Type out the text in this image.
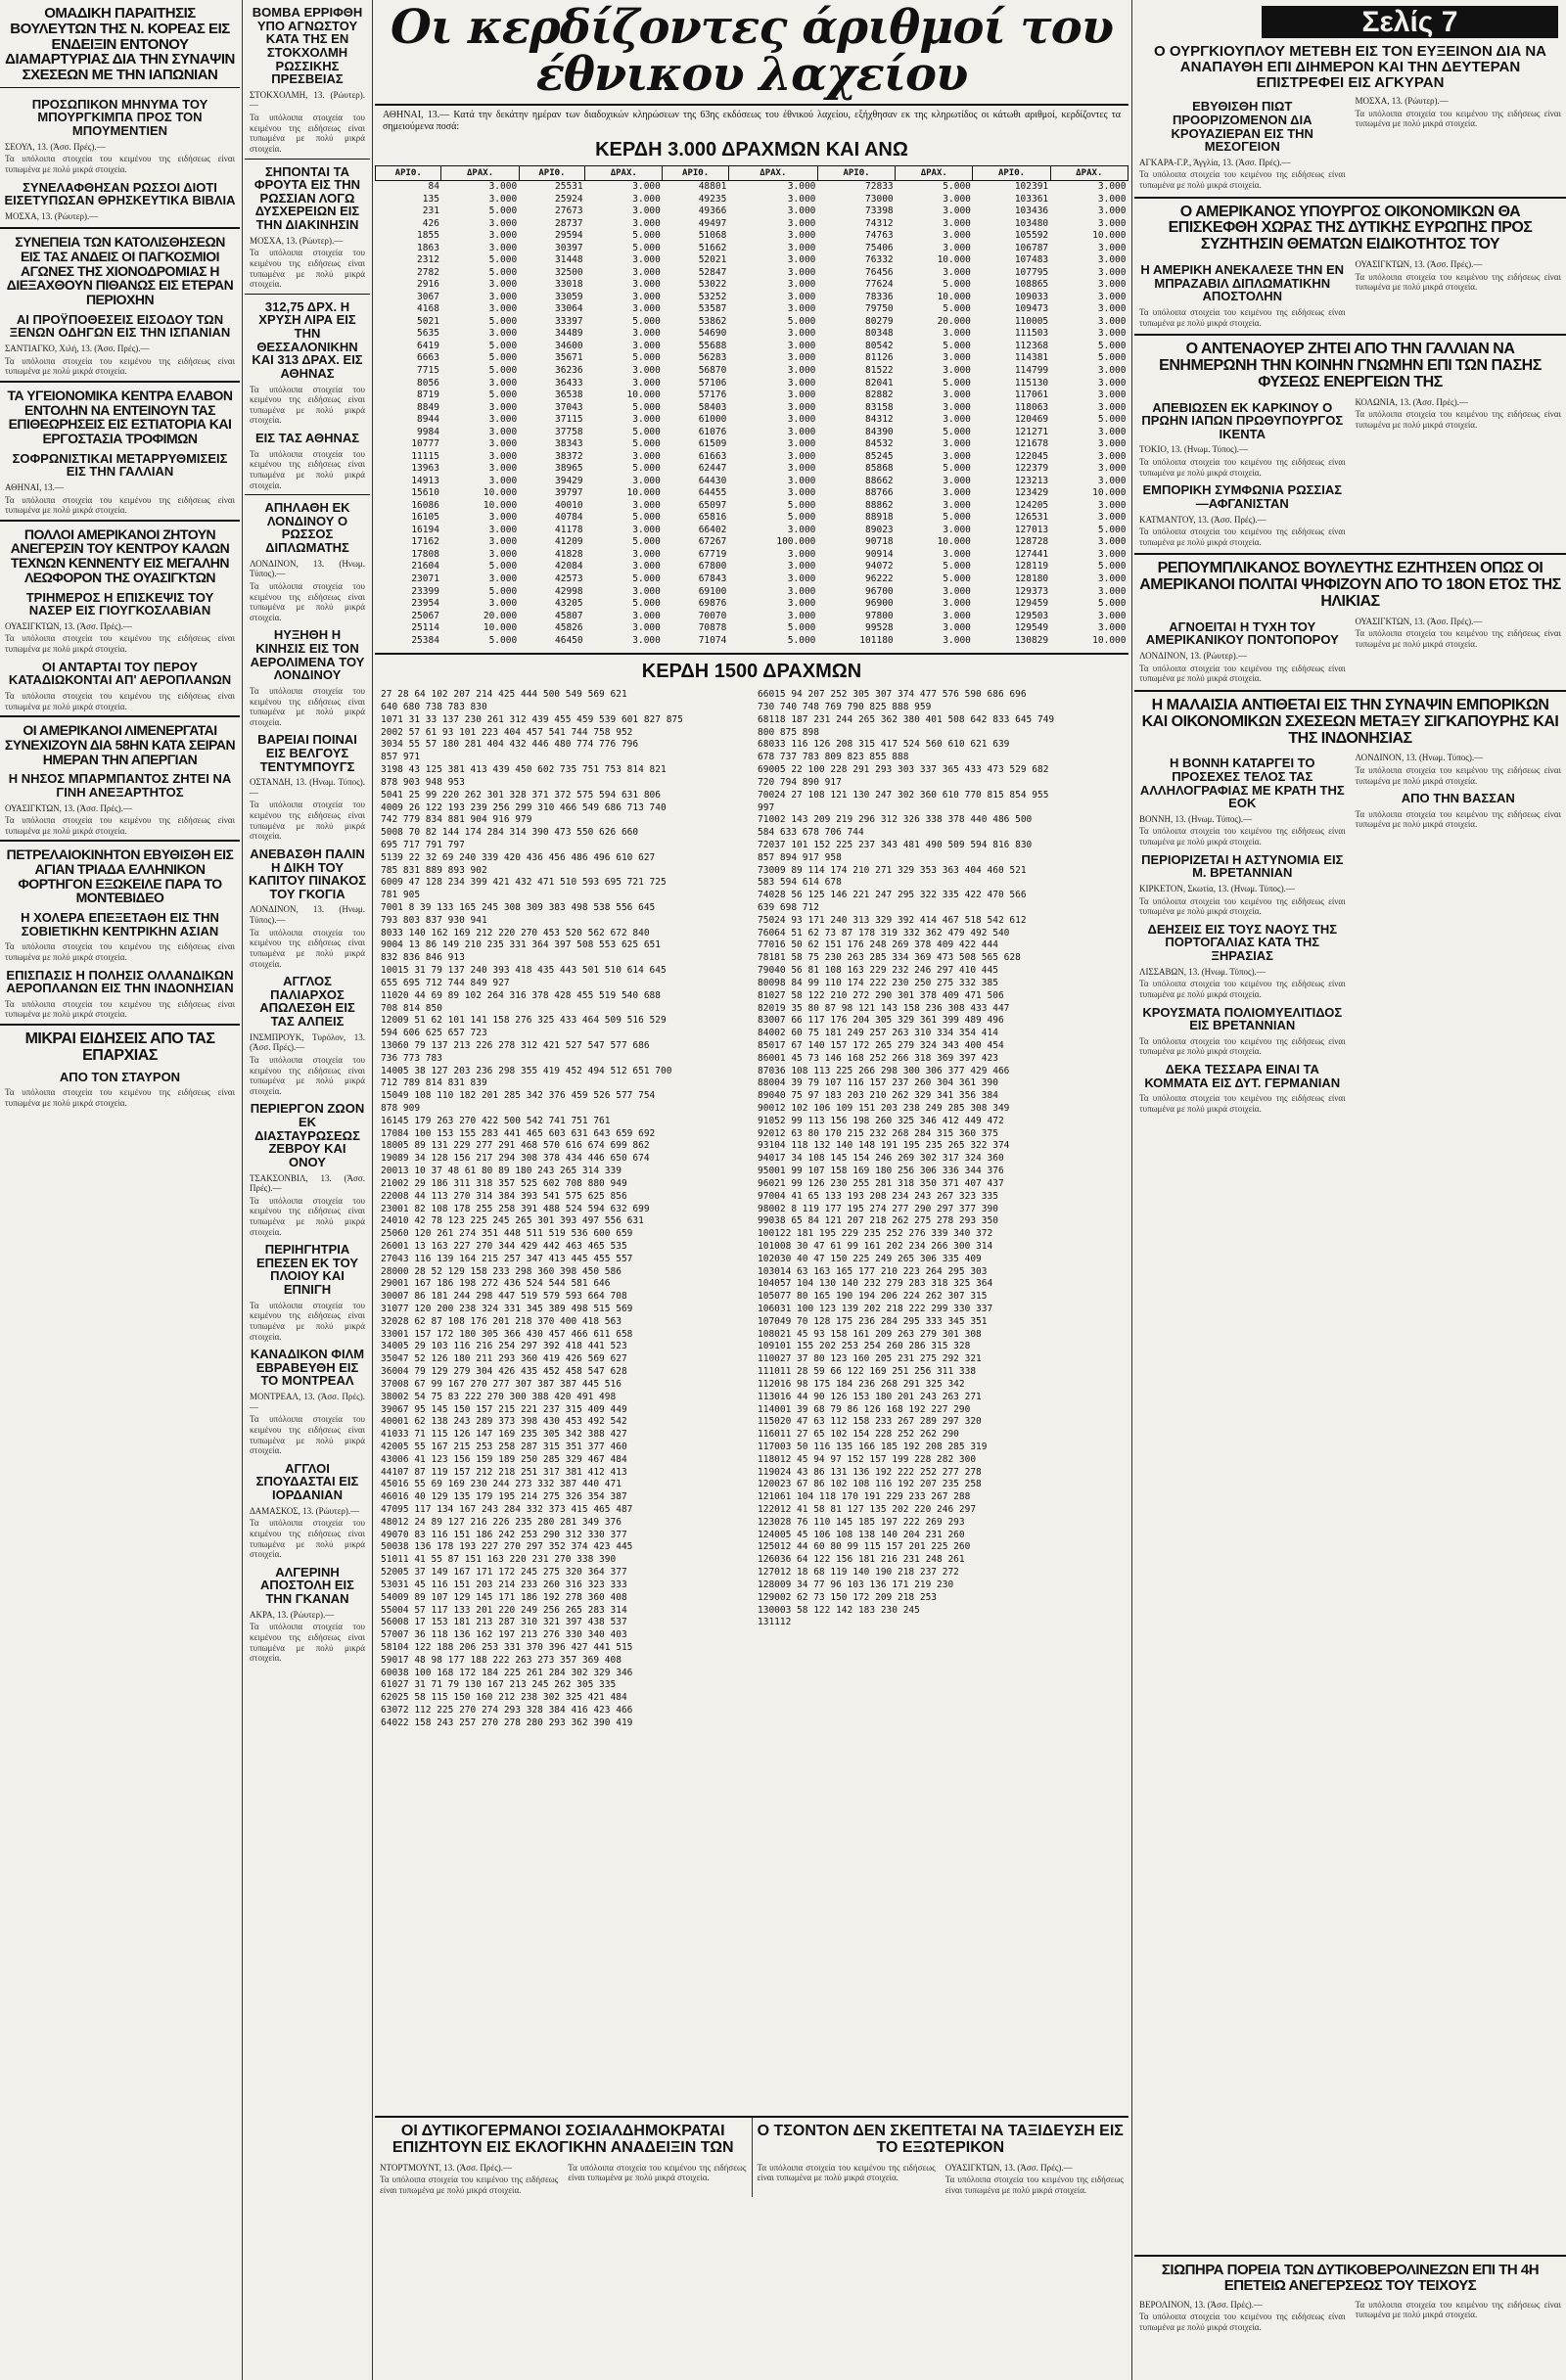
ΟΜΑΔΙΚΗ ΠΑΡΑΙΤΗΣΙΣ ΒΟΥΛΕΥΤΩΝ ΤΗΣ Ν. ΚΟΡΕΑΣ ΕΙΣ ΕΝΔΕΙΞΙΝ ΕΝΤΟΝΟΥ ΔΙΑΜΑΡΤΥΡΙΑΣ ΔΙΑ ΤΗΝ ΣΥΝΑΨΙΝ ΣΧΕΣΕΩΝ ΜΕ ΤΗΝ ΙΑΠΩΝΙΑΝ
ΠΡΟΣΩΠΙΚΟΝ ΜΗΝΥΜΑ ΤΟΥ ΜΠΟΥΡΓΚΙΜΠΑ ΠΡΟΣ ΤΟΝ ΜΠΟΥΜΕΝΤΙΕΝ
ΣΕΟΥΛ, 13. (Άσσ. Πρές).—
Τα υπόλοιπα στοιχεία του κειμένου της ειδήσεως είναι τυπωμένα με πολύ μικρά στοιχεία.
ΣΥΝΕΛΑΦΘΗΣΑΝ ΡΩΣΣΟΙ ΔΙΟΤΙ ΕΙΣΕΤΥΠΩΣΑΝ ΘΡΗΣΚΕΥΤΙΚΑ ΒΙΒΛΙΑ
ΜΟΣΧΑ, 13. (Ρώυτερ).—
ΣΥΝΕΠΕΙΑ ΤΩΝ ΚΑΤΟΛΙΣΘΗΣΕΩΝ ΕΙΣ ΤΑΣ ΑΝΔΕΙΣ ΟΙ ΠΑΓΚΟΣΜΙΟΙ ΑΓΩΝΕΣ ΤΗΣ ΧΙΟΝΟΔΡΟΜΙΑΣ Η ΔΙΕΞΑΧΘΟΥΝ ΠΙΘΑΝΩΣ ΕΙΣ ΕΤΕΡΑΝ ΠΕΡΙΟΧΗΝ
ΑΙ ΠΡΟΫΠΟΘΕΣΕΙΣ ΕΙΣΟΔΟΥ ΤΩΝ ΞΕΝΩΝ ΟΔΗΓΩΝ ΕΙΣ ΤΗΝ ΙΣΠΑΝΙΑΝ
ΣΑΝΤΙΑΓΚΟ, Χιλή, 13. (Άσσ. Πρές).—
Τα υπόλοιπα στοιχεία του κειμένου της ειδήσεως είναι τυπωμένα με πολύ μικρά στοιχεία.
ΤΑ ΥΓΕΙΟΝΟΜΙΚΑ ΚΕΝΤΡΑ ΕΛΑΒΟΝ ΕΝΤΟΛΗΝ ΝΑ ΕΝΤΕΙΝΟΥΝ ΤΑΣ ΕΠΙΘΕΩΡΗΣΕΙΣ ΕΙΣ ΕΣΤΙΑΤΟΡΙΑ ΚΑΙ ΕΡΓΟΣΤΑΣΙΑ ΤΡΟΦΙΜΩΝ
ΣΟΦΡΩΝΙΣΤΙΚΑΙ ΜΕΤΑΡΡΥΘΜΙΣΕΙΣ ΕΙΣ ΤΗΝ ΓΑΛΛΙΑΝ
ΑΘΗΝΑΙ, 13.—
Τα υπόλοιπα στοιχεία του κειμένου της ειδήσεως είναι τυπωμένα με πολύ μικρά στοιχεία.
ΠΟΛΛΟΙ ΑΜΕΡΙΚΑΝΟΙ ΖΗΤΟΥΝ ΑΝΕΓΕΡΣΙΝ ΤΟΥ ΚΕΝΤΡΟΥ ΚΑΛΩΝ ΤΕΧΝΩΝ ΚΕΝΝΕΝΤΥ ΕΙΣ ΜΕΓΑΛΗΝ ΛΕΩΦΟΡΟΝ ΤΗΣ ΟΥΑΣΙΓΚΤΩΝ
ΤΡΙΗΜΕΡΟΣ Η ΕΠΙΣΚΕΨΙΣ ΤΟΥ ΝΑΣΕΡ ΕΙΣ ΓΙΟΥΓΚΟΣΛΑΒΙΑΝ
ΟΥΑΣΙΓΚΤΩΝ, 13. (Άσσ. Πρές).—
Τα υπόλοιπα στοιχεία του κειμένου της ειδήσεως είναι τυπωμένα με πολύ μικρά στοιχεία.
ΟΙ ΑΝΤΑΡΤΑΙ ΤΟΥ ΠΕΡΟΥ ΚΑΤΑΔΙΩΚΟΝΤΑΙ ΑΠ' ΑΕΡΟΠΛΑΝΩΝ
Τα υπόλοιπα στοιχεία του κειμένου της ειδήσεως είναι τυπωμένα με πολύ μικρά στοιχεία.
ΟΙ ΑΜΕΡΙΚΑΝΟΙ ΛΙΜΕΝΕΡΓΑΤΑΙ ΣΥΝΕΧΙΖΟΥΝ ΔΙΑ 58ΗΝ ΚΑΤΑ ΣΕΙΡΑΝ ΗΜΕΡΑΝ ΤΗΝ ΑΠΕΡΓΙΑΝ
Η ΝΗΣΟΣ ΜΠΑΡΜΠΑΝΤΟΣ ΖΗΤΕΙ ΝΑ ΓΙΝΗ ΑΝΕΞΑΡΤΗΤΟΣ
ΟΥΑΣΙΓΚΤΩΝ, 13. (Άσσ. Πρές).—
Τα υπόλοιπα στοιχεία του κειμένου της ειδήσεως είναι τυπωμένα με πολύ μικρά στοιχεία.
ΠΕΤΡΕΛΑΙΟΚΙΝΗΤΟΝ ΕΒΥΘΙΣΘΗ ΕΙΣ ΑΓΙΑΝ ΤΡΙΑΔΑ ΕΛΛΗΝΙΚΟΝ ΦΟΡΤΗΓΟΝ ΕΞΩΚΕΙΛΕ ΠΑΡΑ ΤΟ ΜΟΝΤΕΒΙΔΕΟ
Η ΧΟΛΕΡΑ ΕΠΕΞΕΤΑΘΗ ΕΙΣ ΤΗΝ ΣΟΒΙΕΤΙΚΗΝ ΚΕΝΤΡΙΚΗΝ ΑΣΙΑΝ
Τα υπόλοιπα στοιχεία του κειμένου της ειδήσεως είναι τυπωμένα με πολύ μικρά στοιχεία.
ΕΠΙΣΠΑΣΙΣ Η ΠΟΛΗΣΙΣ ΟΛΛΑΝΔΙΚΩΝ ΑΕΡΟΠΛΑΝΩΝ ΕΙΣ ΤΗΝ ΙΝΔΟΝΗΣΙΑΝ
Τα υπόλοιπα στοιχεία του κειμένου της ειδήσεως είναι τυπωμένα με πολύ μικρά στοιχεία.
ΜΙΚΡΑΙ ΕΙΔΗΣΕΙΣ ΑΠΟ ΤΑΣ ΕΠΑΡΧΙΑΣ
ΑΠΟ ΤΟΝ ΣΤΑΥΡΟΝ
Τα υπόλοιπα στοιχεία του κειμένου της ειδήσεως είναι τυπωμένα με πολύ μικρά στοιχεία.
ΒΟΜΒΑ ΕΡΡΙΦΘΗ ΥΠΟ ΑΓΝΩΣΤΟΥ ΚΑΤΑ ΤΗΣ ΕΝ ΣΤΟΚΧΟΛΜΗ ΡΩΣΣΙΚΗΣ ΠΡΕΣΒΕΙΑΣ
ΣΤΟΚΧΟΛΜΗ, 13. (Ρώυτερ).—
Τα υπόλοιπα στοιχεία του κειμένου της ειδήσεως είναι τυπωμένα με πολύ μικρά στοιχεία.
ΣΗΠΟΝΤΑΙ ΤΑ ΦΡΟΥΤΑ ΕΙΣ ΤΗΝ ΡΩΣΣΙΑΝ ΛΟΓΩ ΔΥΣΧΕΡΕΙΩΝ ΕΙΣ ΤΗΝ ΔΙΑΚΙΝΗΣΙΝ
ΜΟΣΧΑ, 13. (Ρώυτερ).—
Τα υπόλοιπα στοιχεία του κειμένου της ειδήσεως είναι τυπωμένα με πολύ μικρά στοιχεία.
312,75 ΔΡΧ. Η ΧΡΥΣΗ ΛΙΡΑ ΕΙΣ ΤΗΝ ΘΕΣΣΑΛΟΝΙΚΗΝ ΚΑΙ 313 ΔΡΑΧ. ΕΙΣ ΑΘΗΝΑΣ
Τα υπόλοιπα στοιχεία του κειμένου της ειδήσεως είναι τυπωμένα με πολύ μικρά στοιχεία.
ΕΙΣ ΤΑΣ ΑΘΗΝΑΣ
Τα υπόλοιπα στοιχεία του κειμένου της ειδήσεως είναι τυπωμένα με πολύ μικρά στοιχεία.
ΑΠΗΛΑΘΗ ΕΚ ΛΟΝΔΙΝΟΥ Ο ΡΩΣΣΟΣ ΔΙΠΛΩΜΑΤΗΣ
ΛΟΝΔΙΝΟΝ, 13. (Ηνωμ. Τύπος).—
Τα υπόλοιπα στοιχεία του κειμένου της ειδήσεως είναι τυπωμένα με πολύ μικρά στοιχεία.
ΗΥΞΗΘΗ Η ΚΙΝΗΣΙΣ ΕΙΣ ΤΟΝ ΑΕΡΟΛΙΜΕΝΑ ΤΟΥ ΛΟΝΔΙΝΟΥ
Τα υπόλοιπα στοιχεία του κειμένου της ειδήσεως είναι τυπωμένα με πολύ μικρά στοιχεία.
ΒΑΡΕΙΑΙ ΠΟΙΝΑΙ ΕΙΣ ΒΕΛΓΟΥΣ ΤΕΝΤΥΜΠΟΥΓΣ
ΟΣΤΑΝΔΗ, 13. (Ηνωμ. Τύπος).—
Τα υπόλοιπα στοιχεία του κειμένου της ειδήσεως είναι τυπωμένα με πολύ μικρά στοιχεία.
ΑΝΕΒΑΣΘΗ ΠΑΛΙΝ Η ΔΙΚΗ ΤΟΥ ΚΑΠΙΤΟΥ ΠΙΝΑΚΟΣ ΤΟΥ ΓΚΟΓΙΑ
ΛΟΝΔΙΝΟΝ, 13. (Ηνωμ. Τύπος).—
Τα υπόλοιπα στοιχεία του κειμένου της ειδήσεως είναι τυπωμένα με πολύ μικρά στοιχεία.
ΑΓΓΛΟΣ ΠΑΛΙΑΡΧΟΣ ΑΠΩΛΕΣΘΗ ΕΙΣ ΤΑΣ ΑΛΠΕΙΣ
ΙΝΣΜΠΡΟΥΚ, Τυρόλον, 13. (Άσσ. Πρές).—
Τα υπόλοιπα στοιχεία του κειμένου της ειδήσεως είναι τυπωμένα με πολύ μικρά στοιχεία.
ΠΕΡΙΕΡΓΟΝ ΖΩΟΝ ΕΚ ΔΙΑΣΤΑΥΡΩΣΕΩΣ ΖΕΒΡΟΥ ΚΑΙ ΟΝΟΥ
ΤΣΑΚΣΟΝΒΙΛ, 13. (Άσσ. Πρές).—
Τα υπόλοιπα στοιχεία του κειμένου της ειδήσεως είναι τυπωμένα με πολύ μικρά στοιχεία.
ΠΕΡΙΗΓΗΤΡΙΑ ΕΠΕΣΕΝ ΕΚ ΤΟΥ ΠΛΟΙΟΥ ΚΑΙ ΕΠΝΙΓΗ
Τα υπόλοιπα στοιχεία του κειμένου της ειδήσεως είναι τυπωμένα με πολύ μικρά στοιχεία.
ΚΑΝΑΔΙΚΟΝ ΦΙΛΜ ΕΒΡΑΒΕΥΘΗ ΕΙΣ ΤΟ ΜΟΝΤΡΕΑΛ
ΜΟΝΤΡΕΑΛ, 13. (Άσσ. Πρές).—
Τα υπόλοιπα στοιχεία του κειμένου της ειδήσεως είναι τυπωμένα με πολύ μικρά στοιχεία.
ΑΓΓΛΟΙ ΣΠΟΥΔΑΣΤΑΙ ΕΙΣ ΙΟΡΔΑΝΙΑΝ
ΔΑΜΑΣΚΟΣ, 13. (Ρώυτερ).—
Τα υπόλοιπα στοιχεία του κειμένου της ειδήσεως είναι τυπωμένα με πολύ μικρά στοιχεία.
ΑΛΓΕΡΙΝΗ ΑΠΟΣΤΟΛΗ ΕΙΣ ΤΗΝ ΓΚΑΝΑΝ
ΑΚΡΑ, 13. (Ρώυτερ).—
Τα υπόλοιπα στοιχεία του κειμένου της ειδήσεως είναι τυπωμένα με πολύ μικρά στοιχεία.
Οι κερδίζοντες άριθμοί του έθνικου λαχείου
ΑΘΗΝΑΙ, 13.— Κατά την δεκάτην ημέραν των διαδοχικών κληρώσεων της 63ης εκδόσεως του έθνικού λαχείου, εξήχθησαν εκ της κληρωτίδος οι κάτωθι αριθμοί, κερδίζοντες τα σημειούμενα ποσά:
ΚΕΡΔΗ 3.000 ΔΡΑΧΜΩΝ ΚΑΙ ΑΝΩ
ΑΡΙΘ.	ΔΡΑΧ.	ΑΡΙΘ.	ΔΡΑΧ.	ΑΡΙΘ.	ΔΡΑΧ.	ΑΡΙΘ.	ΔΡΑΧ.	ΑΡΙΘ.	ΔΡΑΧ.
84	3.000	25531	3.000	48801	3.000	72833	5.000	102391	3.000
135	3.000	25924	3.000	49235	3.000	73000	3.000	103361	3.000
231	5.000	27673	3.000	49366	3.000	73398	3.000	103436	3.000
426	3.000	28737	3.000	49497	3.000	74312	3.000	103480	3.000
1855	3.000	29594	5.000	51068	3.000	74763	3.000	105592	10.000
1863	3.000	30397	5.000	51662	3.000	75406	3.000	106787	3.000
2312	5.000	31448	3.000	52021	3.000	76332	10.000	107483	3.000
2782	5.000	32500	3.000	52847	3.000	76456	3.000	107795	3.000
2916	3.000	33018	3.000	53022	3.000	77624	5.000	108865	3.000
3067	3.000	33059	3.000	53252	3.000	78336	10.000	109033	3.000
4168	3.000	33064	3.000	53587	3.000	79750	5.000	109473	3.000
5021	5.000	33397	5.000	53862	5.000	80279	20.000	110005	3.000
5635	3.000	34489	3.000	54690	3.000	80348	3.000	111503	3.000
6419	5.000	34600	3.000	55688	3.000	80542	5.000	112368	5.000
6663	5.000	35671	5.000	56283	3.000	81126	3.000	114381	5.000
7715	5.000	36236	3.000	56870	3.000	81522	3.000	114799	3.000
8056	3.000	36433	3.000	57106	3.000	82041	5.000	115130	3.000
8719	5.000	36538	10.000	57176	3.000	82882	3.000	117061	3.000
8849	3.000	37043	5.000	58403	3.000	83158	3.000	118063	3.000
8944	3.000	37115	3.000	61000	3.000	84312	3.000	120469	5.000
9984	3.000	37758	5.000	61076	3.000	84390	5.000	121271	3.000
10777	3.000	38343	5.000	61509	3.000	84532	3.000	121678	3.000
11115	3.000	38372	3.000	61663	3.000	85245	3.000	122045	3.000
13963	3.000	38965	5.000	62447	3.000	85868	5.000	122379	3.000
14913	3.000	39429	3.000	64430	3.000	88662	3.000	123213	3.000
15610	10.000	39797	10.000	64455	3.000	88766	3.000	123429	10.000
16086	10.000	40010	3.000	65097	5.000	88862	3.000	124205	3.000
16105	3.000	40784	5.000	65816	5.000	88918	5.000	126531	3.000
16194	3.000	41178	3.000	66402	3.000	89023	3.000	127013	5.000
17162	3.000	41209	5.000	67267	100.000	90718	10.000	128728	3.000
17808	3.000	41828	3.000	67719	3.000	90914	3.000	127441	3.000
21604	5.000	42084	3.000	67800	3.000	94072	5.000	128119	5.000
23071	3.000	42573	5.000	67843	3.000	96222	5.000	128180	3.000
23399	5.000	42998	3.000	69100	3.000	96700	3.000	129373	3.000
23954	3.000	43205	5.000	69876	3.000	96900	3.000	129459	5.000
25067	20.000	45807	3.000	70070	3.000	97800	3.000	129503	3.000
25114	10.000	45826	3.000	70878	5.000	99528	3.000	129549	3.000
25384	5.000	46450	3.000	71074	5.000	101180	3.000	130829	10.000
ΚΕΡΔΗ 1500 ΔΡΑΧΜΩΝ
27 28 64 102 207 214 425 444 500 549 569 621
640 680 738 783 830
1071 31 33 137 230 261 312 439 455 459 539 601 827 875
2002 57 61 93 101 223 404 457 541 744 758 952
3034 55 57 180 281 404 432 446 480 774 776 796
857 971
3198 43 125 381 413 439 450 602 735 751 753 814 821
878 903 948 953
5041 25 99 220 262 301 328 371 372 575 594 631 806
4009 26 122 193 239 256 299 310 466 549 686 713 740
742 779 834 881 904 916 979
5008 70 82 144 174 284 314 390 473 550 626 660
695 717 791 797
5139 22 32 69 240 339 420 436 456 486 496 610 627
785 831 889 893 902
6009 47 128 234 399 421 432 471 510 593 695 721 725
781 905
7001 8 39 133 165 245 308 309 383 498 538 556 645
793 803 837 930 941
8033 140 162 169 212 220 270 453 520 562 672 840
9004 13 86 149 210 235 331 364 397 508 553 625 651
832 836 846 913
10015 31 79 137 240 393 418 435 443 501 510 614 645
655 695 712 744 849 927
11020 44 69 89 102 264 316 378 428 455 519 540 688
708 814 850
12009 51 62 101 141 158 276 325 433 464 509 516 529
594 606 625 657 723
13060 79 137 213 226 278 312 421 527 547 577 686
736 773 783
14005 38 127 203 236 298 355 419 452 494 512 651 700
712 789 814 831 839
15049 108 110 182 201 285 342 376 459 526 577 754
878 909
16145 179 263 270 422 500 542 741 751 761
17084 100 153 155 283 441 465 603 631 643 659 692
18005 89 131 229 277 291 468 570 616 674 699 862
19089 34 128 156 217 294 308 378 434 446 650 674
20013 10 37 48 61 80 89 180 243 265 314 339
21002 29 186 311 318 357 525 602 708 880 949
22008 44 113 270 314 384 393 541 575 625 856
23001 82 108 178 255 258 391 488 524 594 632 699
24010 42 78 123 225 245 265 301 393 497 556 631
25060 120 261 274 351 448 511 519 536 600 659
26001 13 163 227 270 344 429 442 463 465 535
27043 116 139 164 215 257 347 413 445 455 557
28000 28 52 129 158 233 298 360 398 450 586
29001 167 186 198 272 436 524 544 581 646
30007 86 181 244 298 447 519 579 593 664 708
31077 120 200 238 324 331 345 389 498 515 569
32028 62 87 108 176 201 218 370 400 418 563
33001 157 172 180 305 366 430 457 466 611 658
34005 29 103 116 216 254 297 392 418 441 523
35047 52 126 180 211 293 360 419 426 569 627
36004 79 129 279 304 426 435 452 458 547 628
37008 67 99 167 270 277 307 387 387 445 516
38002 54 75 83 222 270 300 388 420 491 498
39067 95 145 150 157 215 221 237 315 409 449
40001 62 138 243 289 373 398 430 453 492 542
41033 71 115 126 147 169 235 305 342 388 427
42005 55 167 215 253 258 287 315 351 377 460
43006 41 123 156 159 189 250 285 329 467 484
44107 87 119 157 212 218 251 317 381 412 413
45016 55 69 169 230 244 273 332 387 440 471
46016 40 129 135 179 195 214 275 326 354 387
47095 117 134 167 243 284 332 373 415 465 487
48012 24 89 127 216 226 235 280 281 349 376
49070 83 116 151 186 242 253 290 312 330 377
50038 136 178 193 227 270 297 352 374 423 445
51011 41 55 87 151 163 220 231 270 338 390
52005 37 149 167 171 172 245 275 320 364 377
53031 45 116 151 203 214 233 260 316 323 333
54009 89 107 129 145 171 186 192 278 360 408
55004 57 117 133 201 220 249 256 265 283 314
56008 17 153 181 213 287 310 321 397 438 537
57007 36 118 136 162 197 213 276 330 340 403
58104 122 188 206 253 331 370 396 427 441 515
59017 48 98 177 188 222 263 273 357 369 408
60038 100 168 172 184 225 261 284 302 329 346
61027 31 71 79 130 167 213 245 262 305 335
62025 58 115 150 160 212 238 302 325 421 484
63072 112 225 270 274 293 328 384 416 423 466
64022 158 243 257 270 278 280 293 362 390 419
66015 94 207 252 305 307 374 477 576 590 686 696
730 740 748 769 790 825 888 959
68118 187 231 244 265 362 380 401 508 642 833 645 749
800 875 898
68033 116 126 208 315 417 524 560 610 621 639
678 737 783 809 823 855 888
69005 22 100 228 291 293 303 337 365 433 473 529 682
720 794 890 917
70024 27 108 121 130 247 302 360 610 770 815 854 955
997
71002 143 209 219 296 312 326 338 378 440 486 500
584 633 678 706 744
72037 101 152 225 237 343 481 490 509 594 816 830
857 894 917 958
73009 89 114 174 210 271 329 353 363 404 460 521
583 594 614 678
74028 56 125 146 221 247 295 322 335 422 470 566
639 698 712
75024 93 171 240 313 329 392 414 467 518 542 612
76064 51 62 73 87 178 319 332 362 479 492 540
77016 50 62 151 176 248 269 378 409 422 444
78181 58 75 230 263 285 334 369 473 508 565 628
79040 56 81 108 163 229 232 246 297 410 445
80098 84 99 110 174 222 230 250 275 332 385
81027 58 122 210 272 290 301 378 409 471 506
82019 35 80 87 98 121 143 158 236 308 433 447
83007 66 117 176 204 305 329 361 399 489 496
84002 60 75 181 249 257 263 310 334 354 414
85017 67 140 157 172 265 279 324 343 400 454
86001 45 73 146 168 252 266 318 369 397 423
87036 108 113 225 266 298 300 306 377 429 466
88004 39 79 107 116 157 237 260 304 361 390
89040 75 97 183 203 210 262 329 341 356 384
90012 102 106 109 151 203 238 249 285 308 349
91052 99 113 156 198 260 325 346 412 449 472
92012 63 80 170 215 232 268 284 315 360 375
93104 118 132 140 148 191 195 235 265 322 374
94017 34 108 145 154 246 269 302 317 324 360
95001 99 107 158 169 180 256 306 336 344 376
96021 99 126 230 255 281 318 350 371 407 437
97004 41 65 133 193 208 234 243 267 323 335
98002 8 119 177 195 274 277 290 297 377 390
99038 65 84 121 207 218 262 275 278 293 350
100122 181 195 229 235 252 276 339 340 372
101008 30 47 61 99 161 202 234 266 300 314
102030 40 47 150 225 249 265 306 335 409
103014 63 163 165 177 210 223 264 295 303
104057 104 130 140 232 279 283 318 325 364
105077 80 165 190 194 206 224 262 307 315
106031 100 123 139 202 218 222 299 330 337
107049 70 128 175 236 284 295 333 345 351
108021 45 93 158 161 209 263 279 301 308
109101 155 202 253 254 260 286 315 328
110027 37 80 123 160 205 231 275 292 321
111011 28 59 66 122 169 251 256 311 338
112016 98 175 184 236 268 291 325 342
113016 44 90 126 153 180 201 243 263 271
114001 39 68 79 86 126 168 192 227 290
115020 47 63 112 158 233 267 289 297 320
116011 27 65 102 154 228 252 262 290
117003 50 116 135 166 185 192 208 285 319
118012 45 94 97 152 157 199 228 282 300
119024 43 86 131 136 192 222 252 277 278
120023 67 86 102 108 116 192 207 235 258
121061 104 118 170 191 229 233 267 288
122012 41 58 81 127 135 202 220 246 297
123028 76 110 145 185 197 222 269 293
124005 45 106 108 138 140 204 231 260
125012 44 60 80 99 115 157 201 225 260
126036 64 122 156 181 216 231 248 261
127012 18 68 119 140 190 218 237 272
128009 34 77 96 103 136 171 219 230
129002 62 73 150 172 209 218 253
130003 58 122 142 183 230 245
131112
ΟΙ ΔΥΤΙΚΟΓΕΡΜΑΝΟΙ ΣΟΣΙΑΛΔΗΜΟΚΡΑΤΑΙ ΕΠΙΖΗΤΟΥΝ ΕΙΣ ΕΚΛΟΓΙΚΗΝ ΑΝΑΔΕΙΞΙΝ ΤΩΝ
ΝΤΟΡΤΜΟΥΝΤ, 13. (Άσσ. Πρές).—
Τα υπόλοιπα στοιχεία του κειμένου της ειδήσεως είναι τυπωμένα με πολύ μικρά στοιχεία.
Τα υπόλοιπα στοιχεία του κειμένου της ειδήσεως είναι τυπωμένα με πολύ μικρά στοιχεία.
Ο ΤΣΟΝΤΟΝ ΔΕΝ ΣΚΕΠΤΕΤΑΙ ΝΑ ΤΑΞΙΔΕΥΣΗ ΕΙΣ ΤΟ ΕΞΩΤΕΡΙΚΟΝ
Τα υπόλοιπα στοιχεία του κειμένου της ειδήσεως είναι τυπωμένα με πολύ μικρά στοιχεία.
ΟΥΑΣΙΓΚΤΩΝ, 13. (Άσσ. Πρές).—
Τα υπόλοιπα στοιχεία του κειμένου της ειδήσεως είναι τυπωμένα με πολύ μικρά στοιχεία.
Σελίς 7
Ο ΟΥΡΓΚΙΟΥΠΛΟΥ ΜΕΤΕΒΗ ΕΙΣ ΤΟΝ ΕΥΞΕΙΝΟΝ ΔΙΑ ΝΑ ΑΝΑΠΑΥΘΗ ΕΠΙ ΔΙΗΜΕΡΟΝ ΚΑΙ ΤΗΝ ΔΕΥΤΕΡΑΝ ΕΠΙΣΤΡΕΦΕΙ ΕΙΣ ΑΓΚΥΡΑΝ
ΕΒΥΘΙΣΘΗ ΠΙΩΤ ΠΡΟΟΡΙΖΟΜΕΝΟΝ ΔΙΑ ΚΡΟΥΑΖΙΕΡΑΝ ΕΙΣ ΤΗΝ ΜΕΣΟΓΕΙΟΝ
ΑΓΚΑΡΑ-Γ.Ρ., Άγγλία, 13. (Άσσ. Πρές).—
Τα υπόλοιπα στοιχεία του κειμένου της ειδήσεως είναι τυπωμένα με πολύ μικρά στοιχεία.
ΜΟΣΧΑ, 13. (Ρώυτερ).—
Τα υπόλοιπα στοιχεία του κειμένου της ειδήσεως είναι τυπωμένα με πολύ μικρά στοιχεία.
Ο ΑΜΕΡΙΚΑΝΟΣ ΥΠΟΥΡΓΟΣ ΟΙΚΟΝΟΜΙΚΩΝ ΘΑ ΕΠΙΣΚΕΦΘΗ ΧΩΡΑΣ ΤΗΣ ΔΥΤΙΚΗΣ ΕΥΡΩΠΗΣ ΠΡΟΣ ΣΥΖΗΤΗΣΙΝ ΘΕΜΑΤΩΝ ΕΙΔΙΚΟΤΗΤΟΣ ΤΟΥ
Η ΑΜΕΡΙΚΗ ΑΝΕΚΑΛΕΣΕ ΤΗΝ ΕΝ ΜΠΡΑΖΑΒΙΛ ΔΙΠΛΩΜΑΤΙΚΗΝ ΑΠΟΣΤΟΛΗΝ
Τα υπόλοιπα στοιχεία του κειμένου της ειδήσεως είναι τυπωμένα με πολύ μικρά στοιχεία.
ΟΥΑΣΙΓΚΤΩΝ, 13. (Άσσ. Πρές).—
Τα υπόλοιπα στοιχεία του κειμένου της ειδήσεως είναι τυπωμένα με πολύ μικρά στοιχεία.
Ο ΑΝΤΕΝΑΟΥΕΡ ΖΗΤΕΙ ΑΠΟ ΤΗΝ ΓΑΛΛΙΑΝ ΝΑ ΕΝΗΜΕΡΩΝΗ ΤΗΝ ΚΟΙΝΗΝ ΓΝΩΜΗΝ ΕΠΙ ΤΩΝ ΠΑΣΗΣ ΦΥΣΕΩΣ ΕΝΕΡΓΕΙΩΝ ΤΗΣ
ΑΠΕΒΙΩΣΕΝ ΕΚ ΚΑΡΚΙΝΟΥ Ο ΠΡΩΗΝ ΙΑΠΩΝ ΠΡΩΘΥΠΟΥΡΓΟΣ ΙΚΕΝΤΑ
ΤΟΚΙΟ, 13. (Ηνωμ. Τύπος).—
Τα υπόλοιπα στοιχεία του κειμένου της ειδήσεως είναι τυπωμένα με πολύ μικρά στοιχεία.
ΕΜΠΟΡΙΚΗ ΣΥΜΦΩΝΙΑ ΡΩΣΣΙΑΣ—ΑΦΓΑΝΙΣΤΑΝ
ΚΑΤΜΑΝΤΟΥ, 13. (Άσσ. Πρές).—
Τα υπόλοιπα στοιχεία του κειμένου της ειδήσεως είναι τυπωμένα με πολύ μικρά στοιχεία.
ΚΟΛΩΝΙΑ, 13. (Άσσ. Πρές).—
Τα υπόλοιπα στοιχεία του κειμένου της ειδήσεως είναι τυπωμένα με πολύ μικρά στοιχεία.
ΡΕΠΟΥΜΠΛΙΚΑΝΟΣ ΒΟΥΛΕΥΤΗΣ ΕΖΗΤΗΣΕΝ ΟΠΩΣ ΟΙ ΑΜΕΡΙΚΑΝΟΙ ΠΟΛΙΤΑΙ ΨΗΦΙΖΟΥΝ ΑΠΟ ΤΟ 18ΟΝ ΕΤΟΣ ΤΗΣ ΗΛΙΚΙΑΣ
ΑΓΝΟΕΙΤΑΙ Η ΤΥΧΗ ΤΟΥ ΑΜΕΡΙΚΑΝΙΚΟΥ ΠΟΝΤΟΠΟΡΟΥ
ΛΟΝΔΙΝΟΝ, 13. (Ρώυτερ).—
Τα υπόλοιπα στοιχεία του κειμένου της ειδήσεως είναι τυπωμένα με πολύ μικρά στοιχεία.
ΟΥΑΣΙΓΚΤΩΝ, 13. (Άσσ. Πρές).—
Τα υπόλοιπα στοιχεία του κειμένου της ειδήσεως είναι τυπωμένα με πολύ μικρά στοιχεία.
Η ΜΑΛΑΙΣΙΑ ΑΝΤΙΘΕΤΑΙ ΕΙΣ ΤΗΝ ΣΥΝΑΨΙΝ ΕΜΠΟΡΙΚΩΝ ΚΑΙ ΟΙΚΟΝΟΜΙΚΩΝ ΣΧΕΣΕΩΝ ΜΕΤΑΞΥ ΣΙΓΚΑΠΟΥΡΗΣ ΚΑΙ ΤΗΣ ΙΝΔΟΝΗΣΙΑΣ
Η ΒΟΝΝΗ ΚΑΤΑΡΓΕΙ ΤΟ ΠΡΟΣΕΧΕΣ ΤΕΛΟΣ ΤΑΣ ΑΛΛΗΛΟΓΡΑΦΙΑΣ ΜΕ ΚΡΑΤΗ ΤΗΣ ΕΟΚ
ΒΟΝΝΗ, 13. (Ηνωμ. Τύπος).—
Τα υπόλοιπα στοιχεία του κειμένου της ειδήσεως είναι τυπωμένα με πολύ μικρά στοιχεία.
ΠΕΡΙΟΡΙΖΕΤΑΙ Η ΑΣΤΥΝΟΜΙΑ ΕΙΣ Μ. ΒΡΕΤΑΝΝΙΑΝ
ΚΙΡΚΕΤΟΝ, Σκωτία, 13. (Ηνωμ. Τύπος).—
Τα υπόλοιπα στοιχεία του κειμένου της ειδήσεως είναι τυπωμένα με πολύ μικρά στοιχεία.
ΔΕΗΣΕΙΣ ΕΙΣ ΤΟΥΣ ΝΑΟΥΣ ΤΗΣ ΠΟΡΤΟΓΑΛΙΑΣ ΚΑΤΑ ΤΗΣ ΞΗΡΑΣΙΑΣ
ΛΙΣΣΑΒΩΝ, 13. (Ηνωμ. Τύπος).—
Τα υπόλοιπα στοιχεία του κειμένου της ειδήσεως είναι τυπωμένα με πολύ μικρά στοιχεία.
ΚΡΟΥΣΜΑΤΑ ΠΟΛΙΟΜΥΕΛΙΤΙΔΟΣ ΕΙΣ ΒΡΕΤΑΝΝΙΑΝ
Τα υπόλοιπα στοιχεία του κειμένου της ειδήσεως είναι τυπωμένα με πολύ μικρά στοιχεία.
ΔΕΚΑ ΤΕΣΣΑΡΑ ΕΙΝΑΙ ΤΑ ΚΟΜΜΑΤΑ ΕΙΣ ΔΥΤ. ΓΕΡΜΑΝΙΑΝ
Τα υπόλοιπα στοιχεία του κειμένου της ειδήσεως είναι τυπωμένα με πολύ μικρά στοιχεία.
ΛΟΝΔΙΝΟΝ, 13. (Ηνωμ. Τύπος).—
Τα υπόλοιπα στοιχεία του κειμένου της ειδήσεως είναι τυπωμένα με πολύ μικρά στοιχεία.
ΑΠΟ ΤΗΝ ΒΑΣΣΑΝ
Τα υπόλοιπα στοιχεία του κειμένου της ειδήσεως είναι τυπωμένα με πολύ μικρά στοιχεία.
ΣΙΩΠΗΡΑ ΠΟΡΕΙΑ ΤΩΝ ΔΥΤΙΚΟΒΕΡΟΛΙΝΕΖΩΝ ΕΠΙ ΤΗ 4Η ΕΠΕΤΕΙΩ ΑΝΕΓΕΡΣΕΩΣ ΤΟΥ ΤΕΙΧΟΥΣ
ΒΕΡΟΛΙΝΟΝ, 13. (Άσσ. Πρές).—
Τα υπόλοιπα στοιχεία του κειμένου της ειδήσεως είναι τυπωμένα με πολύ μικρά στοιχεία.
Τα υπόλοιπα στοιχεία του κειμένου της ειδήσεως είναι τυπωμένα με πολύ μικρά στοιχεία.
